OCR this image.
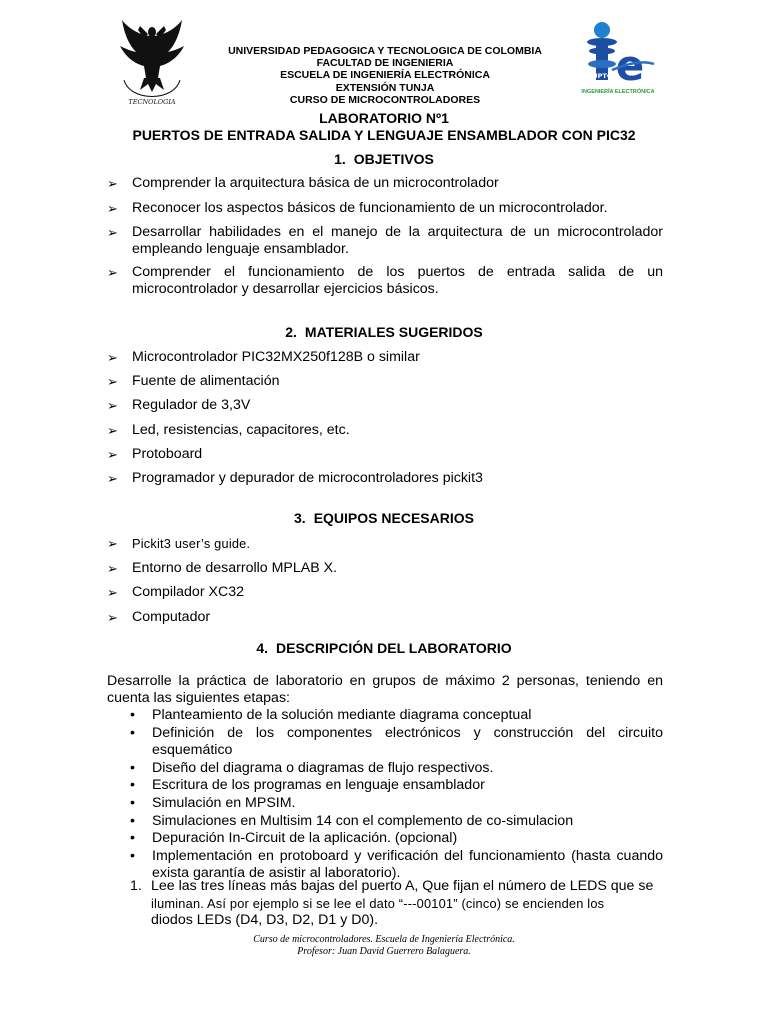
TECNOLOGIA
UPTC e
INGENIERÍA ELECTRÓNICA
UNIVERSIDAD PEDAGOGICA Y TECNOLOGICA DE COLOMBIA
FACULTAD DE INGENIERIA
ESCUELA DE INGENIERÍA ELECTRÓNICA
EXTENSIÓN TUNJA
CURSO DE MICROCONTROLADORES
LABORATORIO Nº1
PUERTOS DE ENTRADA SALIDA Y LENGUAJE ENSAMBLADOR CON PIC32
1. OBJETIVOS
➢ Comprender la arquitectura básica de un microcontrolador
➢ Reconocer los aspectos básicos de funcionamiento de un microcontrolador.
➢ Desarrollar habilidades en el manejo de la arquitectura de un microcontrolador empleando lenguaje ensamblador.
➢ Comprender el funcionamiento de los puertos de entrada salida de un microcontrolador y desarrollar ejercicios básicos.
2. MATERIALES SUGERIDOS
➢ Microcontrolador PIC32MX250f128B o similar
➢ Fuente de alimentación
➢ Regulador de 3,3V
➢ Led, resistencias, capacitores, etc.
➢ Protoboard
➢ Programador y depurador de microcontroladores pickit3
3. EQUIPOS NECESARIOS
➢ Pickit3 user’s guide.
➢ Entorno de desarrollo MPLAB X.
➢ Compilador XC32
➢ Computador
4. DESCRIPCIÓN DEL LABORATORIO
Desarrolle la práctica de laboratorio en grupos de máximo 2 personas, teniendo en cuenta las siguientes etapas:
• Planteamiento de la solución mediante diagrama conceptual
• Definición de los componentes electrónicos y construcción del circuito esquemático
• Diseño del diagrama o diagramas de flujo respectivos.
• Escritura de los programas en lenguaje ensamblador
• Simulación en MPSIM.
• Simulaciones en Multisim 14 con el complemento de co-simulacion
• Depuración In-Circuit de la aplicación. (opcional)
• Implementación en protoboard y verificación del funcionamiento (hasta cuando exista garantía de asistir al laboratorio).
1. Lee las tres líneas más bajas del puerto A, Que fijan el número de LEDS que se
iluminan. Así por ejemplo si se lee el dato “---00101” (cinco) se encienden los
diodos LEDs (D4, D3, D2, D1 y D0).
Curso de microcontroladores. Escuela de Ingeniería Electrónica.
Profesor: Juan David Guerrero Balaguera.
